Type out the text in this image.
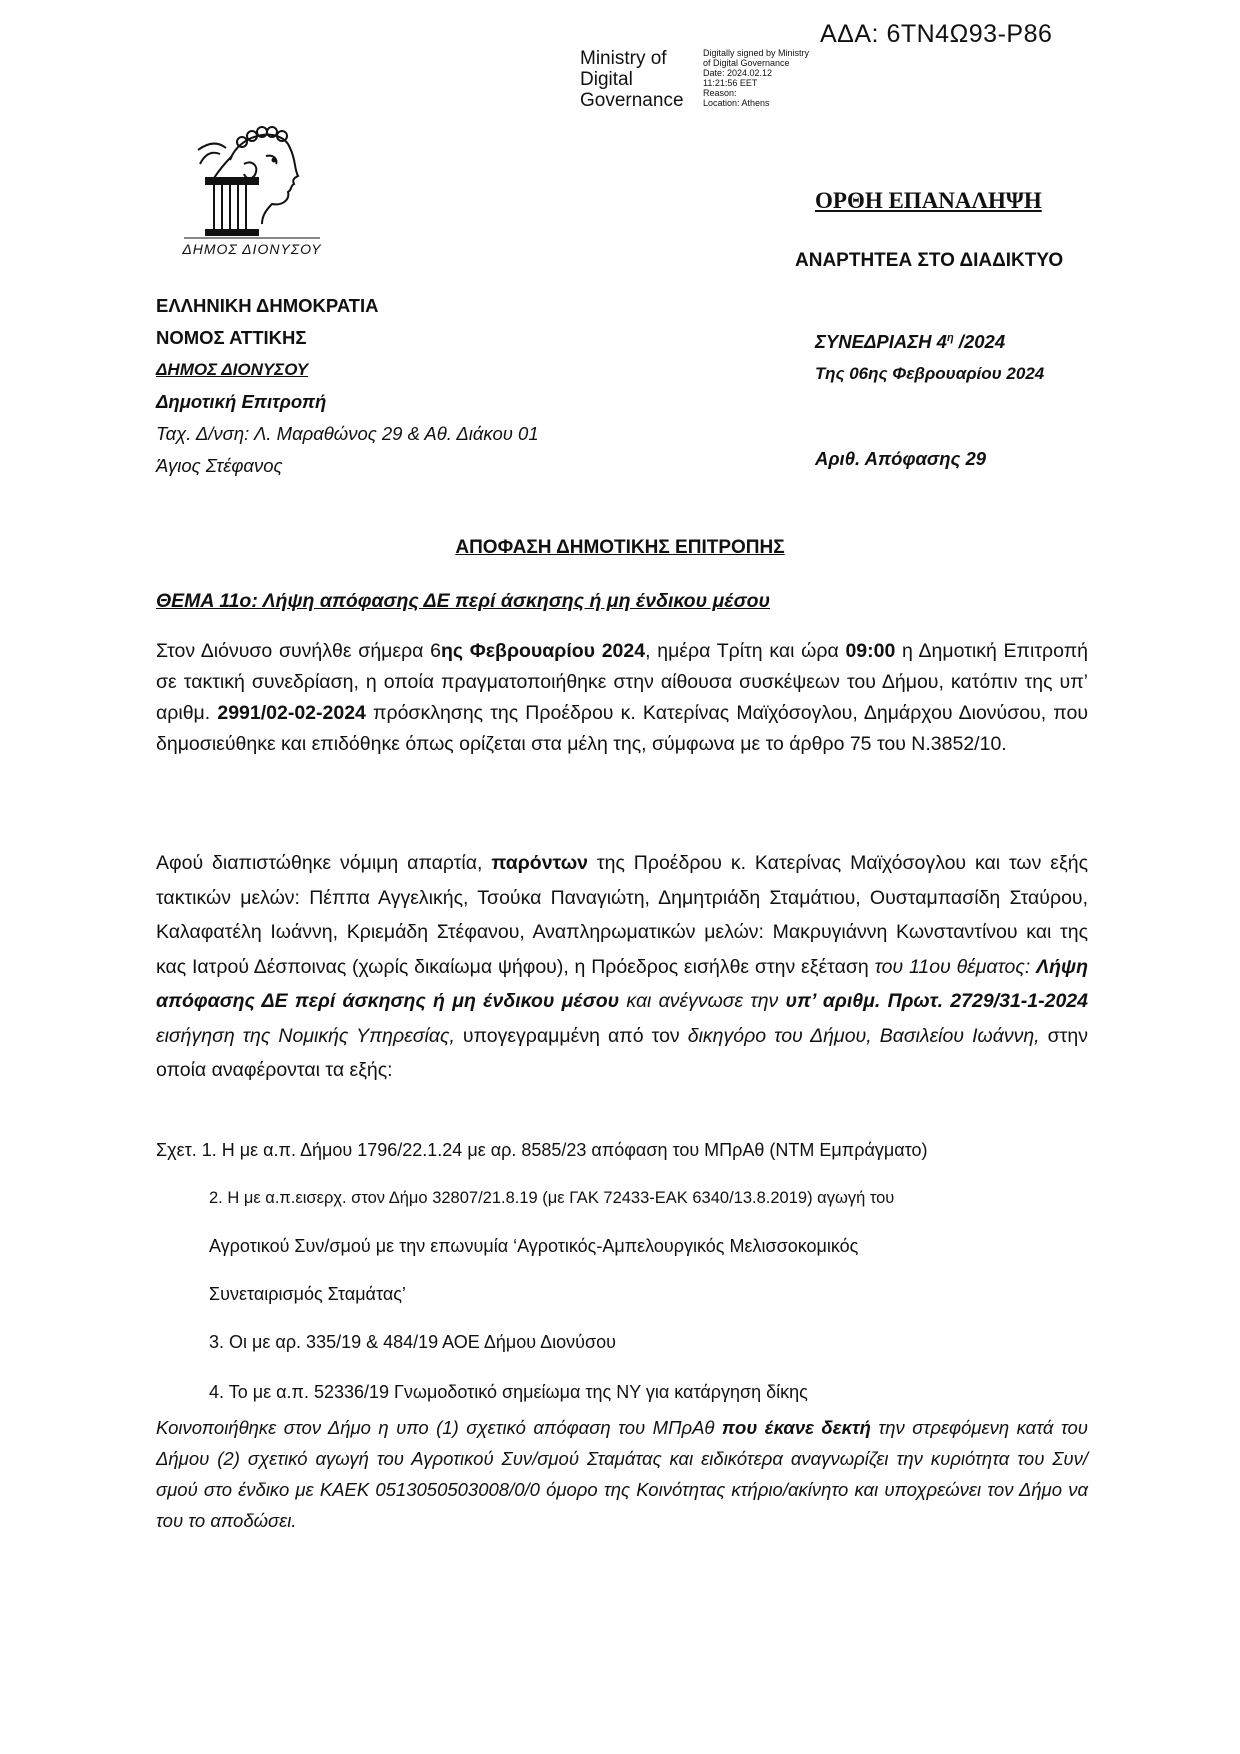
ΑΔΑ: 6ΤΝ4Ω93-Ρ86
Ministry of
Digital
Governance
Digitally signed by Ministry
of Digital Governance
Date: 2024.02.12
11:21:56 EET
Reason:
Location: Athens
ΔΗΜΟΣ ΔΙΟΝΥΣΟΥ
ΟΡΘΗ ΕΠΑΝΑΛΗΨΗ
ΑΝΑΡΤΗΤΕΑ ΣΤΟ ΔΙΑΔΙΚΤΥΟ
ΕΛΛΗΝΙΚΗ ΔΗΜΟΚΡΑΤΙΑ
ΝΟΜΟΣ ΑΤΤΙΚΗΣ
ΔΗΜΟΣ ΔΙΟΝΥΣΟΥ
Δημοτική Επιτροπή
Ταχ. Δ/νση: Λ. Μαραθώνος 29 & Αθ. Διάκου 01
Άγιος Στέφανος
ΣΥΝΕΔΡΙΑΣΗ $4^\eta$ /2024
Της 06ης Φεβρουαρίου 2024
Αριθ. Απόφασης 29
ΑΠΟΦΑΣΗ ΔΗΜΟΤΙΚΗΣ ΕΠΙΤΡΟΠΗΣ
ΘΕΜΑ 11ο: Λήψη απόφασης ΔΕ περί άσκησης ή μη ένδικου μέσου
Στον Διόνυσο συνήλθε σήμερα 6ης Φεβρουαρίου 2024, ημέρα Τρίτη και ώρα 09:00 η Δημοτική Επιτροπή σε τακτική συνεδρίαση, η οποία πραγματοποιήθηκε στην αίθουσα συσκέψεων του Δήμου, κατόπιν της υπ’ αριθμ. 2991/02-02-2024 πρόσκλησης της Προέδρου κ. Κατερίνας Μαϊχόσογλου, Δημάρχου Διονύσου, που δημοσιεύθηκε και επιδόθηκε όπως ορίζεται στα μέλη της, σύμφωνα με το άρθρο 75 του Ν.3852/10.
Αφού διαπιστώθηκε νόμιμη απαρτία, παρόντων της Προέδρου κ. Κατερίνας Μαϊχόσογλου και των εξής τακτικών μελών: Πέππα Αγγελικής, Τσούκα Παναγιώτη, Δημητριάδη Σταμάτιου, Ουσταμπασίδη Σταύρου, Καλαφατέλη Ιωάννη, Κριεμάδη Στέφανου, Αναπληρωματικών μελών: Μακρυγιάννη Κωνσταντίνου και της κας Ιατρού Δέσποινας (χωρίς δικαίωμα ψήφου), η Πρόεδρος εισήλθε στην εξέταση του 11ου θέματος: Λήψη απόφασης ΔΕ περί άσκησης ή μη ένδικου μέσου και ανέγνωσε την υπ’ αριθμ. Πρωτ. 2729/31-1-2024 εισήγηση της Νομικής Υπηρεσίας, υπογεγραμμένη από τον δικηγόρο του Δήμου, Βασιλείου Ιωάννη, στην οποία αναφέρονται τα εξής:
Σχετ. 1. Η με α.π. Δήμου 1796/22.1.24 με αρ. 8585/23 απόφαση του ΜΠρΑθ (ΝΤΜ Εμπράγματο)
2. Η με α.π.εισερχ. στον Δήμο 32807/21.8.19 (με ΓΑΚ 72433-ΕΑΚ 6340/13.8.2019) αγωγή του
Αγροτικού Συν/σμού με την επωνυμία ‘Αγροτικός-Αμπελουργικός Μελισσοκομικός
Συνεταιρισμός Σταμάτας’
3. Οι με αρ. 335/19 & 484/19 ΑΟΕ Δήμου Διονύσου
4. Το με α.π. 52336/19 Γνωμοδοτικό σημείωμα της ΝΥ για κατάργηση δίκης
Κοινοποιήθηκε στον Δήμο η υπο (1) σχετικό απόφαση του ΜΠρΑθ που έκανε δεκτή την στρεφόμενη κατά του Δήμου (2) σχετικό αγωγή του Αγροτικού Συν/σμού Σταμάτας και ειδικότερα αναγνωρίζει την κυριότητα του Συν/σμού στο ένδικο με ΚΑΕΚ 0513050503008/0/0 όμορο της Κοινότητας κτήριο/ακίνητο και υποχρεώνει τον Δήμο να του το αποδώσει.
